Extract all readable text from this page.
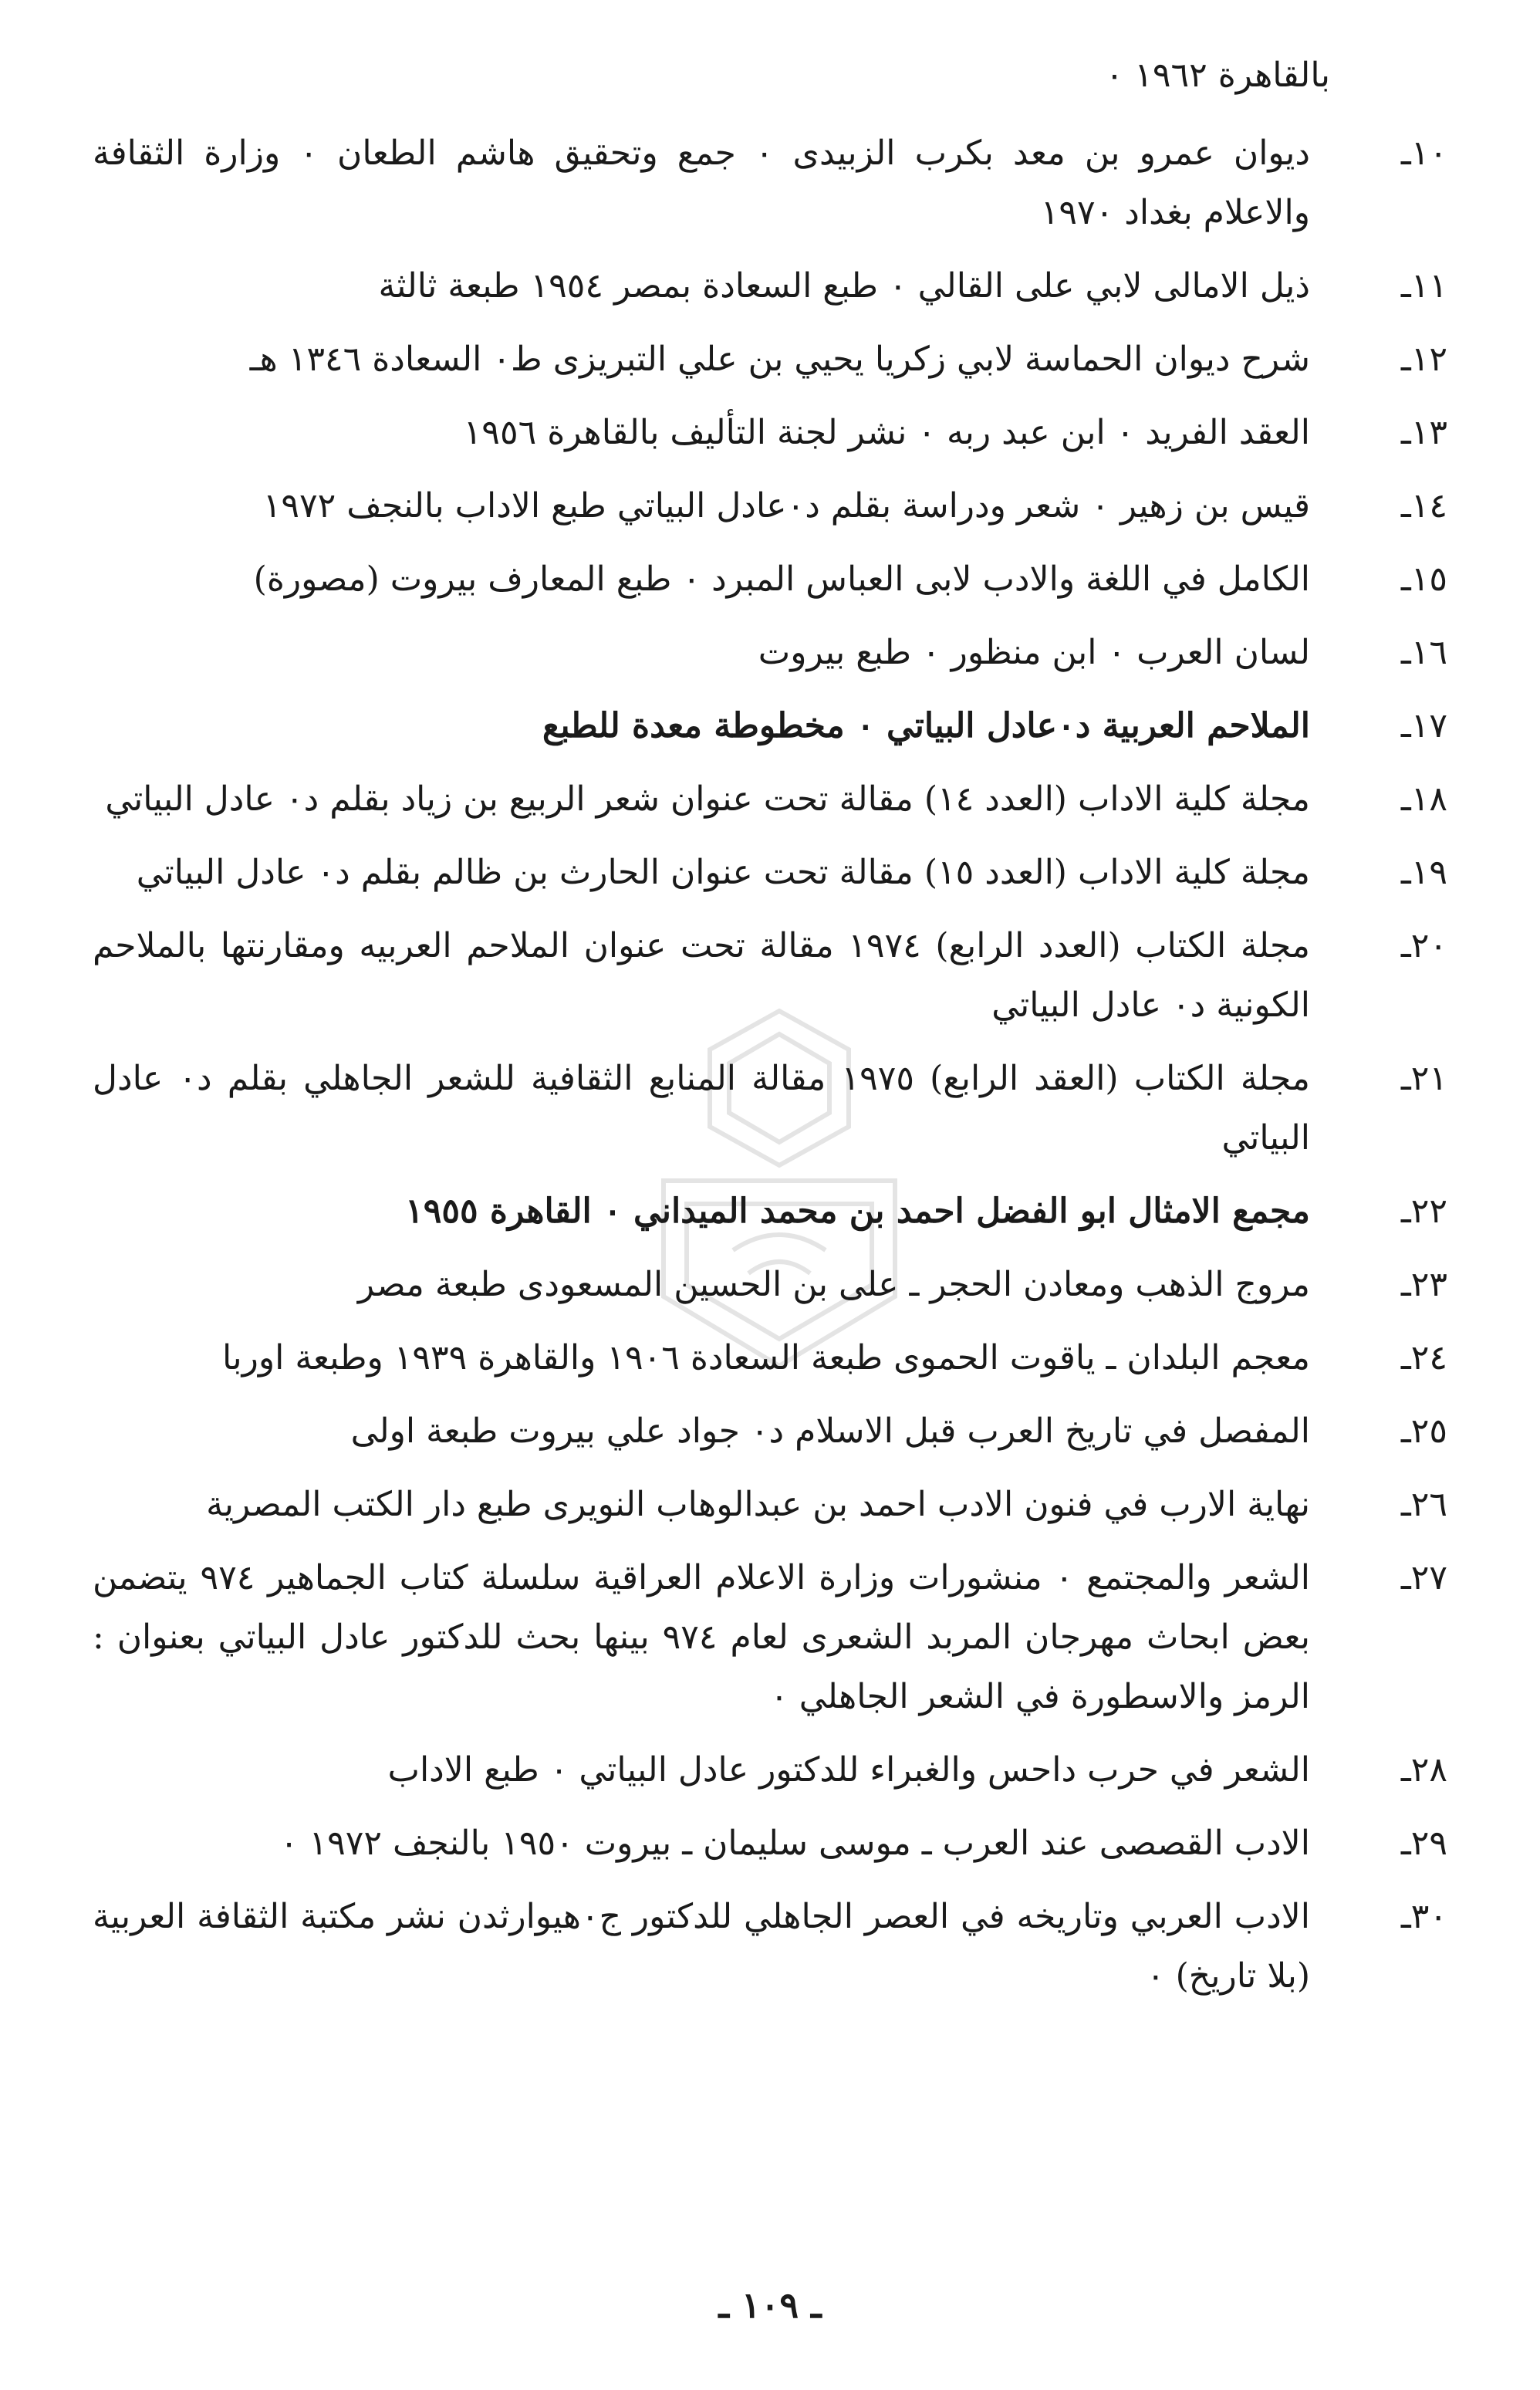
بالقاهرة ١٩٦٢ ٠
١٠ـ
ديوان عمرو بن معد بكرب الزبيدى ٠ جمع وتحقيق هاشم الطعان ٠ وزارة الثقافة والاعلام بغداد ١٩٧٠
١١ـ
ذيل الامالى لابي على القالي ٠ طبع السعادة بمصر ١٩٥٤ طبعة ثالثة
١٢ـ
شرح ديوان الحماسة لابي زكريا يحيي بن علي التبريزى ط٠ السعادة ١٣٤٦ هـ
١٣ـ
العقد الفريد ٠ ابن عبد ربه ٠ نشر لجنة التأليف بالقاهرة ١٩٥٦
١٤ـ
قيس بن زهير ٠ شعر ودراسة بقلم د٠عادل البياتي طبع الاداب بالنجف ١٩٧٢
١٥ـ
الكامل في اللغة والادب لابى العباس المبرد ٠ طبع المعارف بيروت (مصورة)
١٦ـ
لسان العرب ٠ ابن منظور ٠ طبع بيروت
١٧ـ
الملاحم العربية د٠عادل البياتي ٠ مخطوطة معدة للطبع
١٨ـ
مجلة كلية الاداب (العدد ١٤) مقالة تحت عنوان شعر الربيع بن زياد بقلم د٠ عادل البياتي
١٩ـ
مجلة كلية الاداب (العدد ١٥) مقالة تحت عنوان الحارث بن ظالم بقلم د٠ عادل البياتي
٢٠ـ
مجلة الكتاب (العدد الرابع) ١٩٧٤ مقالة تحت عنوان الملاحم العربيه ومقارنتها بالملاحم الكونية د٠ عادل البياتي
٢١ـ
مجلة الكتاب (العقد الرابع) ١٩٧٥ مقالة المنابع الثقافية للشعر الجاهلي بقلم د٠ عادل البياتي
٢٢ـ
مجمع الامثال ابو الفضل احمد بن محمد الميداني ٠ القاهرة ١٩٥٥
٢٣ـ
مروج الذهب ومعادن الحجر ـ على بن الحسين المسعودى طبعة مصر
٢٤ـ
معجم البلدان ـ ياقوت الحموى طبعة السعادة ١٩٠٦ والقاهرة ١٩٣٩ وطبعة اوربا
٢٥ـ
المفصل في تاريخ العرب قبل الاسلام د٠ جواد علي بيروت طبعة اولى
٢٦ـ
نهاية الارب في فنون الادب احمد بن عبدالوهاب النويرى طبع دار الكتب المصرية
٢٧ـ
الشعر والمجتمع ٠ منشورات وزارة الاعلام العراقية سلسلة كتاب الجماهير ٩٧٤ يتضمن بعض ابحاث مهرجان المربد الشعرى لعام ٩٧٤ بينها بحث للدكتور عادل البياتي بعنوان : الرمز والاسطورة في الشعر الجاهلي ٠
٢٨ـ
الشعر في حرب داحس والغبراء للدكتور عادل البياتي ٠ طبع الاداب
٢٩ـ
الادب القصصى عند العرب ـ موسى سليمان ـ بيروت ١٩٥٠ بالنجف ١٩٧٢ ٠
٣٠ـ
الادب العربي وتاريخه في العصر الجاهلي للدكتور ج٠هيوارثدن نشر مكتبة الثقافة العربية (بلا تاريخ) ٠
ـ ١٠٩ ـ
